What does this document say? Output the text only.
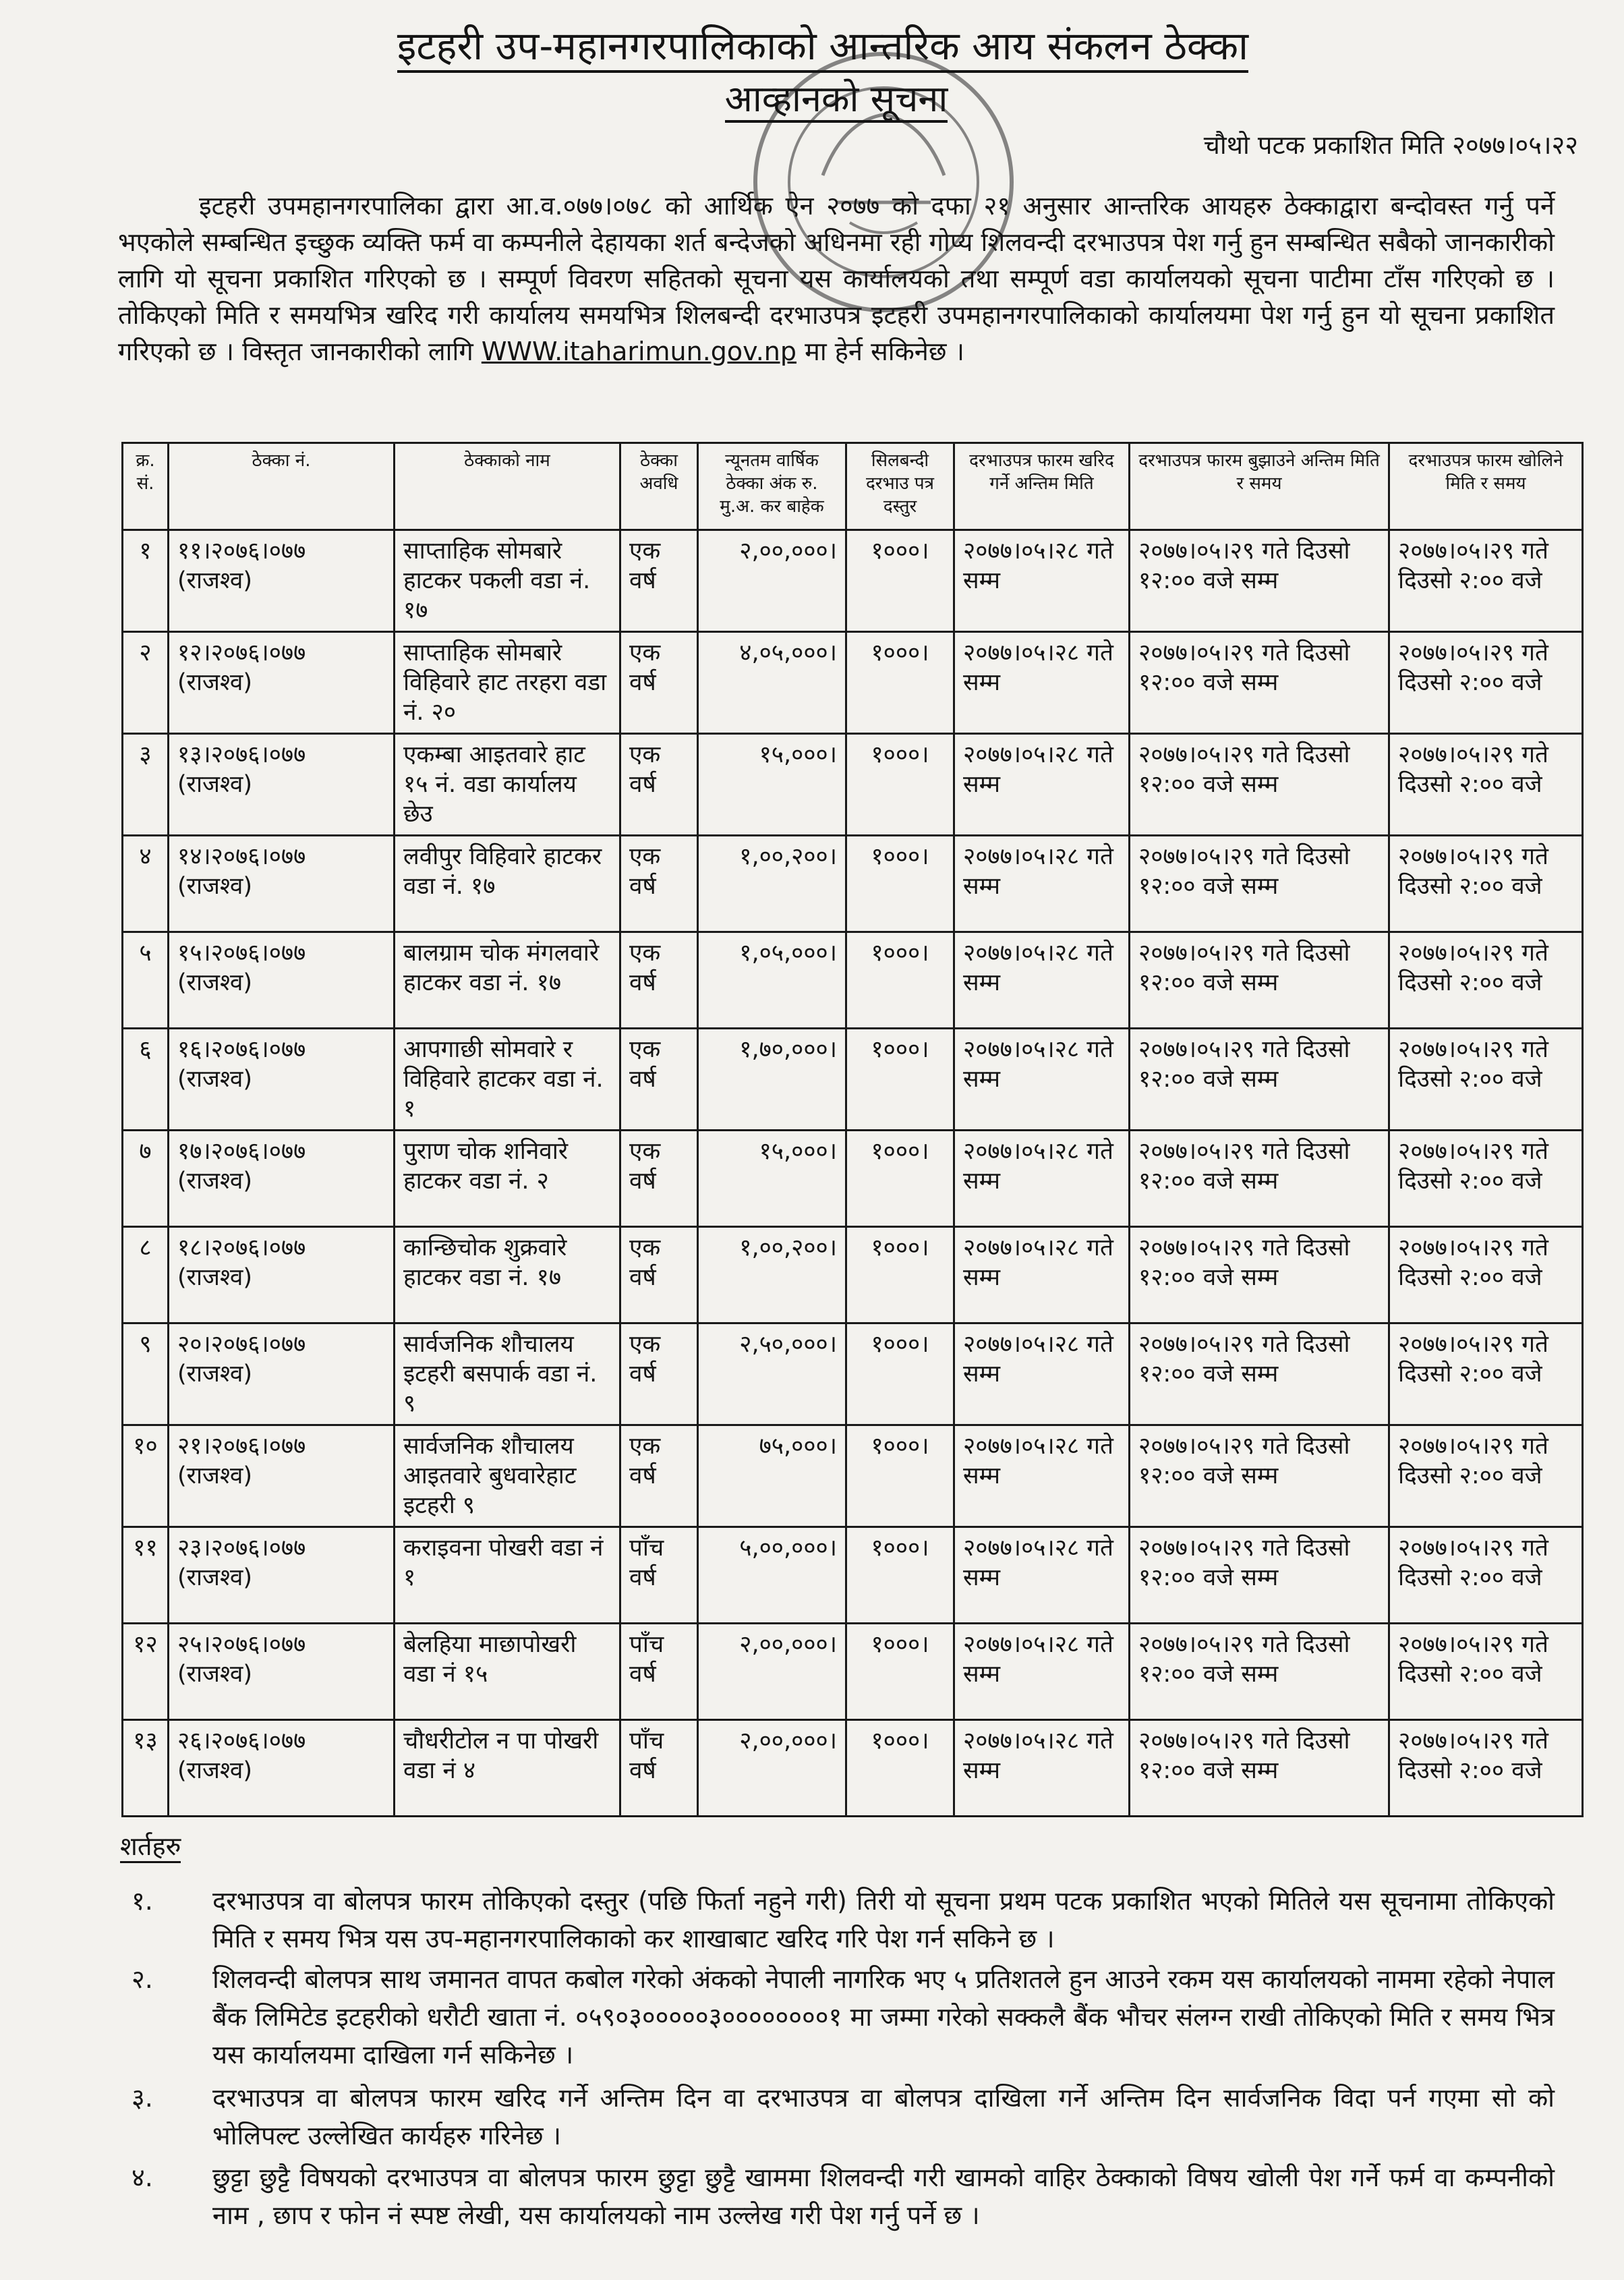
इटहरी उप-महानगरपालिकाको आन्तरिक आय संकलन ठेक्का
आव्हानको सूचना
चौथो पटक प्रकाशित मिति २०७७।०५।२२
इटहरी उपमहानगरपालिका द्वारा आ.व.०७७।०७८ को आर्थिक ऐन २०७७ को दफा २१ अनुसार आन्तरिक आयहरु ठेक्काद्वारा बन्दोवस्त गर्नु पर्ने भएकोले सम्बन्धित इच्छुक व्यक्ति फर्म वा कम्पनीले देहायका शर्त बन्देजको अधिनमा रही गोप्य शिलवन्दी दरभाउपत्र पेश गर्नु हुन सम्बन्धित सबैको जानकारीको लागि यो सूचना प्रकाशित गरिएको छ । सम्पूर्ण विवरण सहितको सूचना यस कार्यालयको तथा सम्पूर्ण वडा कार्यालयको सूचना पाटीमा टाँस गरिएको छ । तोकिएको मिति र समयभित्र खरिद गरी कार्यालय समयभित्र शिलबन्दी दरभाउपत्र इटहरी उपमहानगरपालिकाको कार्यालयमा पेश गर्नु हुन यो सूचना प्रकाशित गरिएको छ । विस्तृत जानकारीको लागि WWW.itaharimun.gov.np मा हेर्न सकिनेछ ।
क्र. सं.	ठेक्का नं.	ठेक्काको नाम	ठेक्का अवधि	न्यूनतम वार्षिक ठेक्का अंक रु. मु.अ. कर बाहेक	सिलबन्दी दरभाउ पत्र दस्तुर	दरभाउपत्र फारम खरिद गर्ने अन्तिम मिति	दरभाउपत्र फारम बुझाउने अन्तिम मिति र समय	दरभाउपत्र फारम खोलिने मिति र समय
१	११।२०७६।०७७ (राजश्व)	साप्ताहिक सोमबारे हाटकर पकली वडा नं. १७	एक वर्ष	२,००,०००।	१०००।	२०७७।०५।२८ गते सम्म	२०७७।०५।२९ गते दिउसो १२:०० वजे सम्म	२०७७।०५।२९ गते दिउसो २:०० वजे
२	१२।२०७६।०७७ (राजश्व)	साप्ताहिक सोमबारे विहिवारे हाट तरहरा वडा नं. २०	एक वर्ष	४,०५,०००।	१०००।	२०७७।०५।२८ गते सम्म	२०७७।०५।२९ गते दिउसो १२:०० वजे सम्म	२०७७।०५।२९ गते दिउसो २:०० वजे
३	१३।२०७६।०७७ (राजश्व)	एकम्बा आइतवारे हाट १५ नं. वडा कार्यालय छेउ	एक वर्ष	१५,०००।	१०००।	२०७७।०५।२८ गते सम्म	२०७७।०५।२९ गते दिउसो १२:०० वजे सम्म	२०७७।०५।२९ गते दिउसो २:०० वजे
४	१४।२०७६।०७७ (राजश्व)	लवीपुर विहिवारे हाटकर वडा नं. १७	एक वर्ष	१,००,२००।	१०००।	२०७७।०५।२८ गते सम्म	२०७७।०५।२९ गते दिउसो १२:०० वजे सम्म	२०७७।०५।२९ गते दिउसो २:०० वजे
५	१५।२०७६।०७७ (राजश्व)	बालग्राम चोक मंगलवारे हाटकर वडा नं. १७	एक वर्ष	१,०५,०००।	१०००।	२०७७।०५।२८ गते सम्म	२०७७।०५।२९ गते दिउसो १२:०० वजे सम्म	२०७७।०५।२९ गते दिउसो २:०० वजे
६	१६।२०७६।०७७ (राजश्व)	आपगाछी सोमवारे र विहिवारे हाटकर वडा नं. १	एक वर्ष	१,७०,०००।	१०००।	२०७७।०५।२८ गते सम्म	२०७७।०५।२९ गते दिउसो १२:०० वजे सम्म	२०७७।०५।२९ गते दिउसो २:०० वजे
७	१७।२०७६।०७७ (राजश्व)	पुराण चोक शनिवारे हाटकर वडा नं. २	एक वर्ष	१५,०००।	१०००।	२०७७।०५।२८ गते सम्म	२०७७।०५।२९ गते दिउसो १२:०० वजे सम्म	२०७७।०५।२९ गते दिउसो २:०० वजे
८	१८।२०७६।०७७ (राजश्व)	कान्छिचोक शुक्रवारे हाटकर वडा नं. १७	एक वर्ष	१,००,२००।	१०००।	२०७७।०५।२८ गते सम्म	२०७७।०५।२९ गते दिउसो १२:०० वजे सम्म	२०७७।०५।२९ गते दिउसो २:०० वजे
९	२०।२०७६।०७७ (राजश्व)	सार्वजनिक शौचालय इटहरी बसपार्क वडा नं. ९	एक वर्ष	२,५०,०००।	१०००।	२०७७।०५।२८ गते सम्म	२०७७।०५।२९ गते दिउसो १२:०० वजे सम्म	२०७७।०५।२९ गते दिउसो २:०० वजे
१०	२१।२०७६।०७७ (राजश्व)	सार्वजनिक शौचालय आइतवारे बुधवारेहाट इटहरी ९	एक वर्ष	७५,०००।	१०००।	२०७७।०५।२८ गते सम्म	२०७७।०५।२९ गते दिउसो १२:०० वजे सम्म	२०७७।०५।२९ गते दिउसो २:०० वजे
११	२३।२०७६।०७७ (राजश्व)	कराइवना पोखरी वडा नं १	पाँच वर्ष	५,००,०००।	१०००।	२०७७।०५।२८ गते सम्म	२०७७।०५।२९ गते दिउसो १२:०० वजे सम्म	२०७७।०५।२९ गते दिउसो २:०० वजे
१२	२५।२०७६।०७७ (राजश्व)	बेलहिया माछापोखरी वडा नं १५	पाँच वर्ष	२,००,०००।	१०००।	२०७७।०५।२८ गते सम्म	२०७७।०५।२९ गते दिउसो १२:०० वजे सम्म	२०७७।०५।२९ गते दिउसो २:०० वजे
१३	२६।२०७६।०७७ (राजश्व)	चौधरीटोल न पा पोखरी वडा नं ४	पाँच वर्ष	२,००,०००।	१०००।	२०७७।०५।२८ गते सम्म	२०७७।०५।२९ गते दिउसो १२:०० वजे सम्म	२०७७।०५।२९ गते दिउसो २:०० वजे
शर्तहरु
१. दरभाउपत्र वा बोलपत्र फारम तोकिएको दस्तुर (पछि फिर्ता नहुने गरी) तिरी यो सूचना प्रथम पटक प्रकाशित भएको मितिले यस सूचनामा तोकिएको मिति र समय भित्र यस उप-महानगरपालिकाको कर शाखाबाट खरिद गरि पेश गर्न सकिने छ ।
२. शिलवन्दी बोलपत्र साथ जमानत वापत कबोल गरेको अंकको नेपाली नागरिक भए ५ प्रतिशतले हुन आउने रकम यस कार्यालयको नाममा रहेको नेपाल बैंक लिमिटेड इटहरीको धरौटी खाता नं. ०५९०३०००००३००००००००१ मा जम्मा गरेको सक्कलै बैंक भौचर संलग्न राखी तोकिएको मिति र समय भित्र यस कार्यालयमा दाखिला गर्न सकिनेछ ।
३. दरभाउपत्र वा बोलपत्र फारम खरिद गर्ने अन्तिम दिन वा दरभाउपत्र वा बोलपत्र दाखिला गर्ने अन्तिम दिन सार्वजनिक विदा पर्न गएमा सो को भोलिपल्ट उल्लेखित कार्यहरु गरिनेछ ।
४. छुट्टा छुट्टै विषयको दरभाउपत्र वा बोलपत्र फारम छुट्टा छुट्टै खाममा शिलवन्दी गरी खामको वाहिर ठेक्काको विषय खोली पेश गर्ने फर्म वा कम्पनीको नाम , छाप र फोन नं स्पष्ट लेखी, यस कार्यालयको नाम उल्लेख गरी पेश गर्नु पर्ने छ ।
